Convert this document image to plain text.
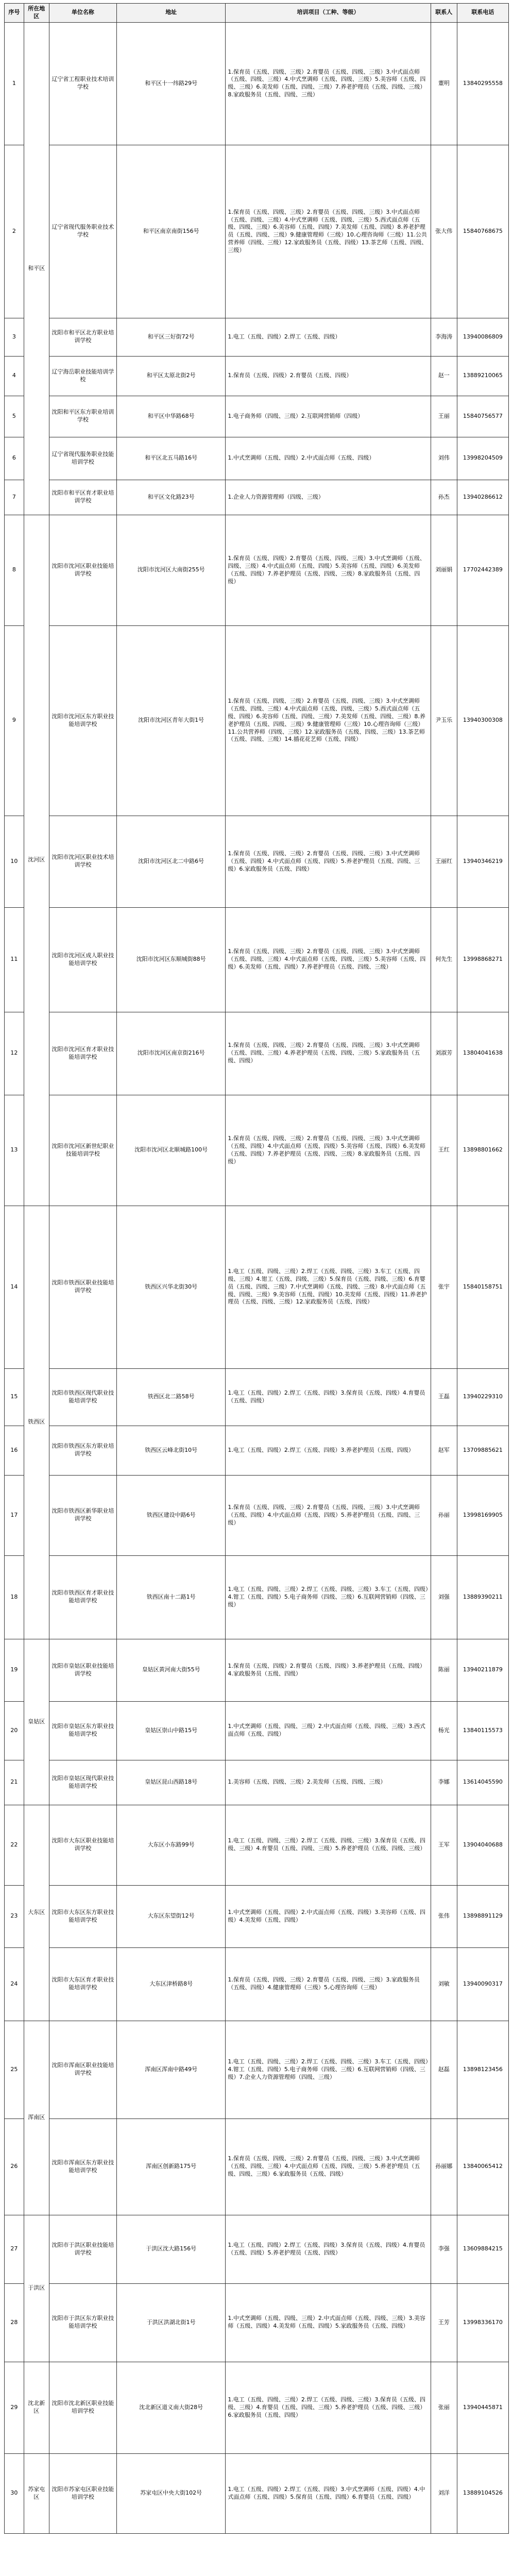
序号	所在地区	单位名称	地址	培训项目（工种、等级）	联系人	联系电话
1	和平区	辽宁省工程职业技术培训学校	和平区十一纬路29号	1.保育员（五级、四级、三级）2.育婴员（五级、四级、三级）3.中式面点师（五级、四级、三级）4.中式烹调师（五级、四级、三级）5.美容师（五级、四级、三级）6.美发师（五级、四级、三级）7.养老护理员（五级、四级、三级）8.家政服务员（五级、四级、三级）	董明	13840295558
2		辽宁省现代服务职业技术学校	和平区南京南街156号	1.保育员（五级、四级、三级）2.育婴员（五级、四级、三级）3.中式面点师（五级、四级、三级）4.中式烹调师（五级、四级、三级）5.西式面点师（五级、四级、三级）6.美容师（五级、四级）7.美发师（五级、四级）8.养老护理员（五级、四级、三级）9.健康管理师（三级）10.心理咨询师（三级）11.公共营养师（四级、三级）12.家政服务员（五级、四级）13.茶艺师（五级、四级、三级）	张大伟	15840768675
3		沈阳市和平区北方职业培训学校	和平区三好街72号	1.电工（五级、四级）2.焊工（五级、四级）	李海涛	13940086809
4		辽宁海岳职业技能培训学校	和平区太原北街2号	1.保育员（五级、四级）2.育婴员（五级、四级）	赵一	13889210065
5		沈阳和平区东方职业培训学校	和平区中华路68号	1.电子商务师（四级、三级）2.互联网营销师（四级）	王丽	15840756577
6		辽宁省现代服务职业技能培训学校	和平区北五马路16号	1.中式烹调师（五级、四级）2.中式面点师（五级、四级）	刘伟	13998204509
7		沈阳市和平区育才职业培训学校	和平区文化路23号	1.企业人力资源管理师（四级、三级）	孙杰	13940286612
8	沈河区	沈阳市沈河区职业技能培训学校	沈阳市沈河区大南街255号	1.保育员（五级、四级）2.育婴员（五级、四级、三级）3.中式烹调师（五级、四级、三级）4.中式面点师（五级、四级）5.美容师（五级、四级）6.美发师（五级、四级）7.养老护理员（五级、四级、三级）8.家政服务员（五级、四级）	刘丽娟	17702442389
9		沈阳市沈河区东方职业技能培训学校	沈阳市沈河区青年大街1号	1.保育员（五级、四级、三级）2.育婴员（五级、四级、三级）3.中式烹调师（五级、四级、三级）4.中式面点师（五级、四级、三级）5.西式面点师（五级、四级）6.美容师（五级、四级、三级）7.美发师（五级、四级、三级）8.养老护理员（五级、四级、三级）9.健康管理师（三级）10.心理咨询师（三级）11.公共营养师（四级、三级）12.家政服务员（五级、四级、三级）13.茶艺师（五级、四级、三级）14.插花花艺师（五级、四级）	尹玉乐	13940300308
10		沈阳市沈河区职业技术培训学校	沈阳市沈河区北二中路6号	1.保育员（五级、四级、三级）2.育婴员（五级、四级、三级）3.中式烹调师（五级、四级）4.中式面点师（五级、四级）5.养老护理员（五级、四级、三级）6.家政服务员（五级、四级）	王丽红	13940346219
11		沈阳市沈河区成人职业技能培训学校	沈阳市沈河区东顺城街88号	1.保育员（五级、四级、三级）2.育婴员（五级、四级、三级）3.中式烹调师（五级、四级、三级）4.中式面点师（五级、四级、三级）5.美容师（五级、四级）6.美发师（五级、四级）7.养老护理员（五级、四级、三级）	何先生	13998868271
12		沈阳市沈河区育才职业技能培训学校	沈阳市沈河区南京街216号	1.保育员（五级、四级、三级）2.育婴员（五级、四级、三级）3.中式烹调师（五级、四级、三级）4.养老护理员（五级、四级、三级）5.家政服务员（五级、四级）	刘淑芳	13804041638
13		沈阳市沈河区新世纪职业技能培训学校	沈阳市沈河区北顺城路100号	1.保育员（五级、四级、三级）2.育婴员（五级、四级、三级）3.中式烹调师（五级、四级）4.中式面点师（五级、四级）5.美容师（五级、四级）6.美发师（五级、四级）7.养老护理员（五级、四级、三级）8.家政服务员（五级、四级）	王红	13898801662
14	铁西区	沈阳市铁西区职业技能培训学校	铁西区兴华北街30号	1.电工（五级、四级、三级）2.焊工（五级、四级、三级）3.车工（五级、四级、三级）4.钳工（五级、四级、三级）5.保育员（五级、四级、三级）6.育婴员（五级、四级、三级）7.中式烹调师（五级、四级、三级）8.中式面点师（五级、四级、三级）9.美容师（五级、四级）10.美发师（五级、四级）11.养老护理员（五级、四级、三级）12.家政服务员（五级、四级）	张宇	15840158751
15		沈阳市铁西区现代职业技能培训学校	铁西区北二路58号	1.电工（五级、四级）2.焊工（五级、四级）3.保育员（五级、四级）4.育婴员（五级、四级）	王磊	13940229310
16		沈阳市铁西区东方职业培训学校	铁西区云峰北街10号	1.电工（五级、四级）2.焊工（五级、四级）3.养老护理员（五级、四级）	赵军	13709885621
17		沈阳市铁西区新华职业培训学校	铁西区建设中路6号	1.保育员（五级、四级、三级）2.育婴员（五级、四级、三级）3.中式烹调师（五级、四级）4.中式面点师（五级、四级）5.养老护理员（五级、四级、三级）	孙丽	13998169905
18		沈阳市铁西区育才职业技能培训学校	铁西区南十二路1号	1.电工（五级、四级、三级）2.焊工（五级、四级、三级）3.车工（五级、四级）4.钳工（五级、四级）5.电子商务师（四级、三级）6.互联网营销师（四级、三级）	刘强	13889390211
19	皇姑区	沈阳市皇姑区职业技能培训学校	皇姑区黄河南大街55号	1.保育员（五级、四级）2.育婴员（五级、四级）3.养老护理员（五级、四级）4.家政服务员（五级、四级）	陈丽	13940211879
20		沈阳市皇姑区东方职业技能培训学校	皇姑区崇山中路15号	1.中式烹调师（五级、四级、三级）2.中式面点师（五级、四级、三级）3.西式面点师（五级、四级）	杨光	13840115573
21		沈阳市皇姑区现代职业技能培训学校	皇姑区昆山西路18号	1.美容师（五级、四级、三级）2.美发师（五级、四级、三级）	李娜	13614045590
22	大东区	沈阳市大东区职业技能培训学校	大东区小东路99号	1.电工（五级、四级、三级）2.焊工（五级、四级、三级）3.保育员（五级、四级、三级）4.育婴员（五级、四级、三级）5.养老护理员（五级、四级、三级）	王军	13904040688
23		沈阳市大东区东方职业技能培训学校	大东区东望街12号	1.中式烹调师（五级、四级）2.中式面点师（五级、四级）3.美容师（五级、四级）4.美发师（五级、四级）	张伟	13898891129
24		沈阳市大东区育才职业技能培训学校	大东区津桥路8号	1.保育员（五级、四级、三级）2.育婴员（五级、四级、三级）3.家政服务员（五级、四级）4.健康管理师（三级）5.心理咨询师（三级）	刘敏	13940090317
25	浑南区	沈阳市浑南区职业技能培训学校	浑南区浑南中路49号	1.电工（五级、四级、三级）2.焊工（五级、四级、三级）3.车工（五级、四级）4.钳工（五级、四级）5.电子商务师（四级、三级）6.互联网营销师（四级、三级）7.企业人力资源管理师（四级、三级）	赵磊	13898123456
26		沈阳市浑南区东方职业技能培训学校	浑南区创新路175号	1.保育员（五级、四级、三级）2.育婴员（五级、四级、三级）3.中式烹调师（五级、四级、三级）4.中式面点师（五级、四级、三级）5.养老护理员（五级、四级、三级）6.家政服务员（五级、四级）	孙丽娜	13840065412
27	于洪区	沈阳市于洪区职业技能培训学校	于洪区沈大路156号	1.电工（五级、四级）2.焊工（五级、四级）3.保育员（五级、四级）4.育婴员（五级、四级）5.养老护理员（五级、四级）	李强	13609884215
28		沈阳市于洪区东方职业技能培训学校	于洪区洪湖北街1号	1.中式烹调师（五级、四级、三级）2.中式面点师（五级、四级、三级）3.美容师（五级、四级）4.美发师（五级、四级）5.家政服务员（五级、四级）	王芳	13998336170
29	沈北新区	沈阳市沈北新区职业技能培训学校	沈北新区道义南大街28号	1.电工（五级、四级、三级）2.焊工（五级、四级、三级）3.保育员（五级、四级、三级）4.育婴员（五级、四级、三级）5.养老护理员（五级、四级、三级）6.家政服务员（五级、四级）	张丽	13940445871
30	苏家屯区	沈阳市苏家屯区职业技能培训学校	苏家屯区中央大街102号	1.电工（五级、四级）2.焊工（五级、四级）3.中式烹调师（五级、四级）4.中式面点师（五级、四级）5.保育员（五级、四级）6.育婴员（五级、四级）	刘洋	13889104526
